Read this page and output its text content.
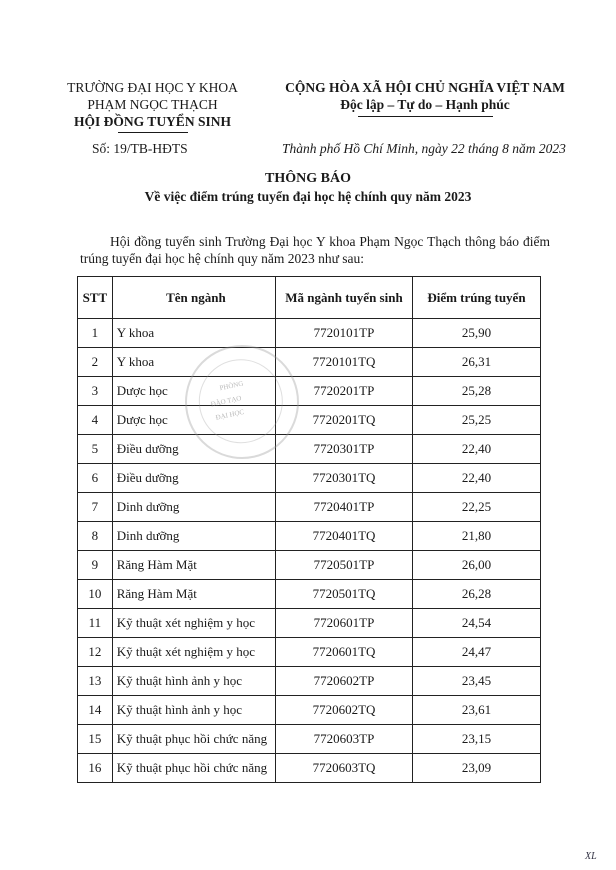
TRƯỜNG ĐẠI HỌC Y KHOA
PHẠM NGỌC THẠCH
HỘI ĐỒNG TUYỂN SINH
CỘNG HÒA XÃ HỘI CHỦ NGHĨA VIỆT NAM
Độc lập – Tự do – Hạnh phúc
Số: 19/TB-HĐTS	Thành phố Hồ Chí Minh, ngày 22 tháng 8 năm 2023
THÔNG BÁO
Về việc điểm trúng tuyển đại học hệ chính quy năm 2023
Hội đồng tuyển sinh Trường Đại học Y khoa Phạm Ngọc Thạch thông báo điểm trúng tuyển đại học hệ chính quy năm 2023 như sau:
STT	Tên ngành	Mã ngành tuyển sinh	Điểm trúng tuyển
1	Y khoa	7720101TP	25,90
2	Y khoa	7720101TQ	26,31
3	Dược học	7720201TP	25,28
4	Dược học	7720201TQ	25,25
5	Điều dưỡng	7720301TP	22,40
6	Điều dưỡng	7720301TQ	22,40
7	Dinh dưỡng	7720401TP	22,25
8	Dinh dưỡng	7720401TQ	21,80
9	Răng Hàm Mặt	7720501TP	26,00
10	Răng Hàm Mặt	7720501TQ	26,28
11	Kỹ thuật xét nghiệm y học	7720601TP	24,54
12	Kỹ thuật xét nghiệm y học	7720601TQ	24,47
13	Kỹ thuật hình ảnh y học	7720602TP	23,45
14	Kỹ thuật hình ảnh y học	7720602TQ	23,61
15	Kỹ thuật phục hồi chức năng	7720603TP	23,15
16	Kỹ thuật phục hồi chức năng	7720603TQ	23,09
PHÒNG
ĐÀO TẠO
ĐẠI HỌC
XL
